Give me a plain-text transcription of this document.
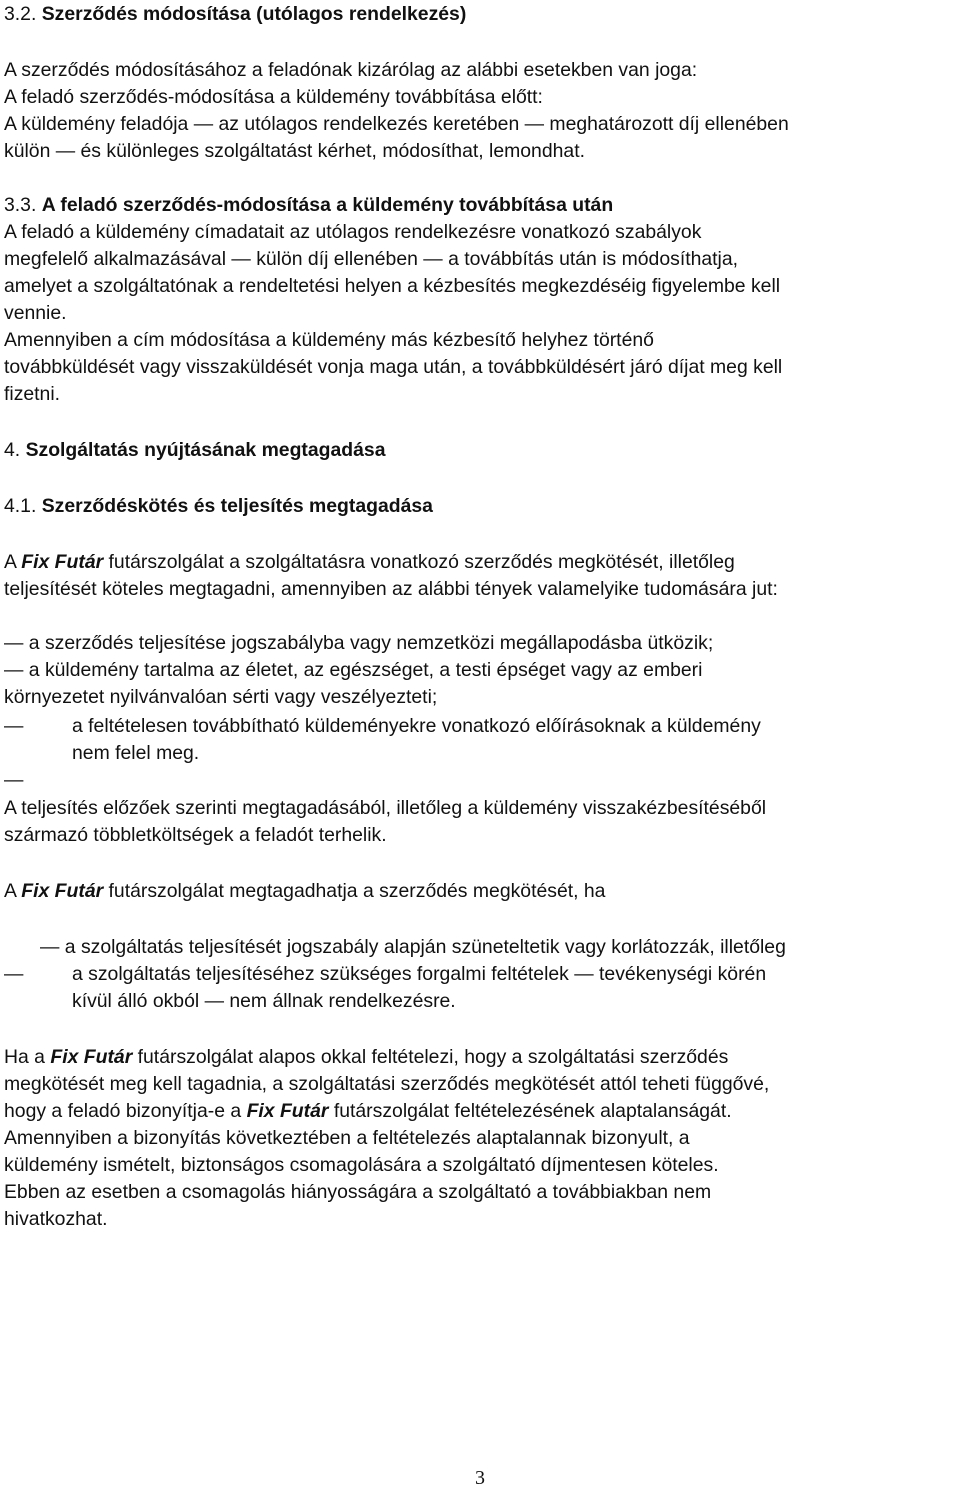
3.2. Szerződés módosítása (utólagos rendelkezés)
A szerződés módosításához a feladónak kizárólag az alábbi esetekben van joga:
A feladó szerződés-módosítása a küldemény továbbítása előtt:
A küldemény feladója — az utólagos rendelkezés keretében — meghatározott díj ellenében
külön — és különleges szolgáltatást kérhet, módosíthat, lemondhat.
3.3. A feladó szerződés-módosítása a küldemény továbbítása után
A feladó a küldemény címadatait az utólagos rendelkezésre vonatkozó szabályok
megfelelő alkalmazásával — külön díj ellenében — a továbbítás után is módosíthatja,
amelyet a szolgáltatónak a rendeltetési helyen a kézbesítés megkezdéséig figyelembe kell
vennie.
Amennyiben a cím módosítása a küldemény más kézbesítő helyhez történő
továbbküldését vagy visszaküldését vonja maga után, a továbbküldésért járó díjat meg kell
fizetni.
4. Szolgáltatás nyújtásának megtagadása
4.1. Szerződéskötés és teljesítés megtagadása
A Fix Futár futárszolgálat a szolgáltatásra vonatkozó szerződés megkötését, illetőleg
teljesítését köteles megtagadni, amennyiben az alábbi tények valamelyike tudomására jut:
— a szerződés teljesítése jogszabályba vagy nemzetközi megállapodásba ütközik;
— a küldemény tartalma az életet, az egészséget, a testi épséget vagy az emberi
környezetet nyilvánvalóan sérti vagy veszélyezteti;
—	a feltételesen továbbítható küldeményekre vonatkozó előírásoknak a küldemény
nem felel meg.
—
A teljesítés előzőek szerinti megtagadásából, illetőleg a küldemény visszakézbesítéséből
származó többletköltségek a feladót terhelik.
A Fix Futár futárszolgálat megtagadhatja a szerződés megkötését, ha
— a szolgáltatás teljesítését jogszabály alapján szüneteltetik vagy korlátozzák, illetőleg
—	a szolgáltatás teljesítéséhez szükséges forgalmi feltételek — tevékenységi körén
kívül álló okból — nem állnak rendelkezésre.
Ha a Fix Futár futárszolgálat alapos okkal feltételezi, hogy a szolgáltatási szerződés
megkötését meg kell tagadnia, a szolgáltatási szerződés megkötését attól teheti függővé,
hogy a feladó bizonyítja-e a Fix Futár futárszolgálat feltételezésének alaptalanságát.
Amennyiben a bizonyítás következtében a feltételezés alaptalannak bizonyult, a
küldemény ismételt, biztonságos csomagolására a szolgáltató díjmentesen köteles.
Ebben az esetben a csomagolás hiányosságára a szolgáltató a továbbiakban nem
hivatkozhat.
3
